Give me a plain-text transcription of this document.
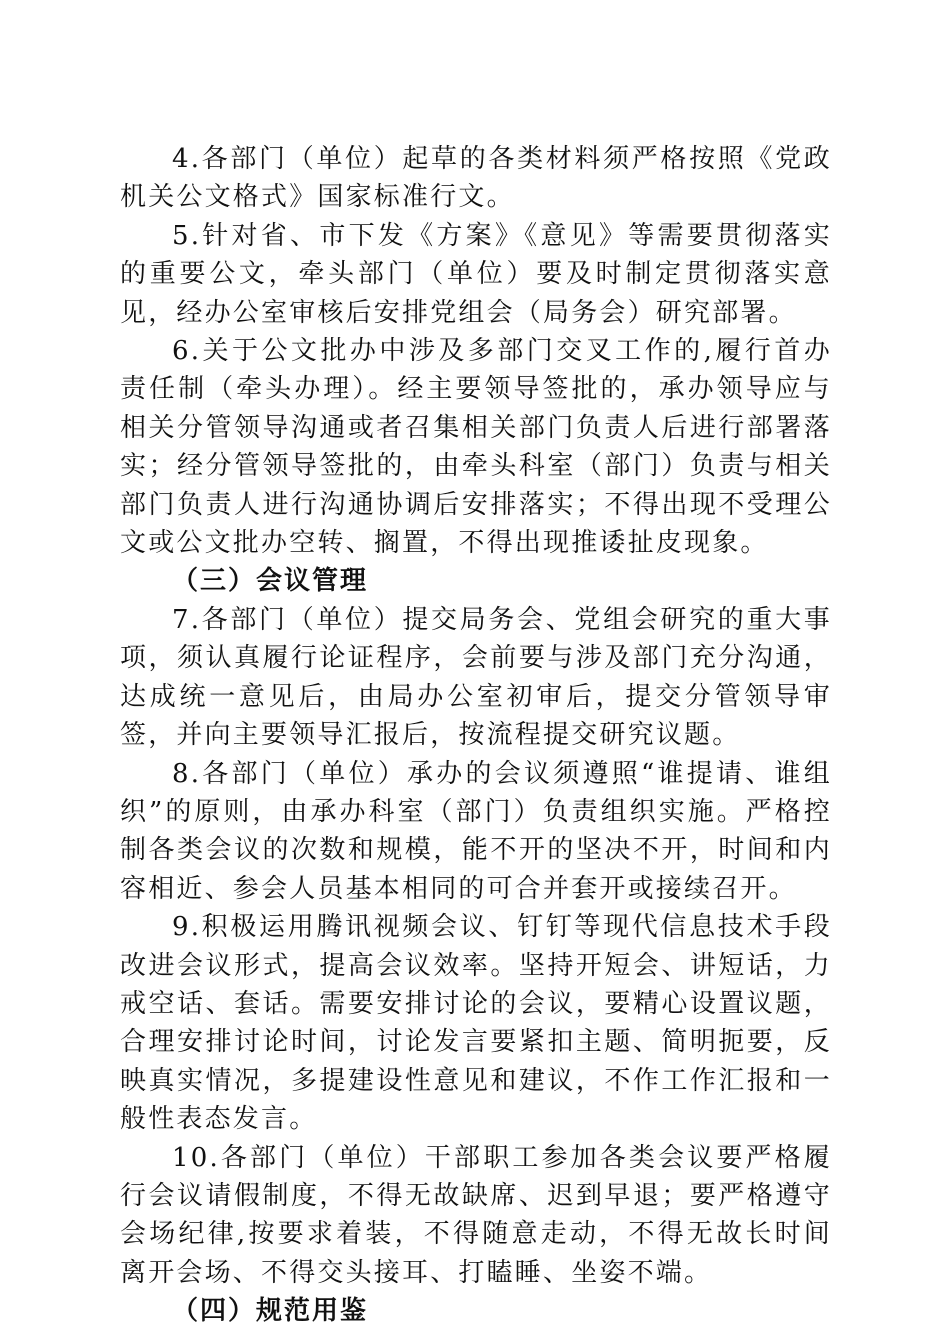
4.各部门（单位）起草的各类材料须严格按照《党政机关公文格式》国家标准行文。

5.针对省、市下发《方案》《意见》等需要贯彻落实的重要公文，牵头部门（单位）要及时制定贯彻落实意见，经办公室审核后安排党组会（局务会）研究部署。

6.关于公文批办中涉及多部门交叉工作的,履行首办责任制（牵头办理）。经主要领导签批的，承办领导应与相关分管领导沟通或者召集相关部门负责人后进行部署落实；经分管领导签批的，由牵头科室（部门）负责与相关部门负责人进行沟通协调后安排落实；不得出现不受理公文或公文批办空转、搁置，不得出现推诿扯皮现象。

（三）会议管理

7.各部门（单位）提交局务会、党组会研究的重大事项，须认真履行论证程序，会前要与涉及部门充分沟通，达成统一意见后，由局办公室初审后，提交分管领导审签，并向主要领导汇报后，按流程提交研究议题。

8.各部门（单位）承办的会议须遵照“谁提请、谁组织”的原则，由承办科室（部门）负责组织实施。严格控制各类会议的次数和规模，能不开的坚决不开，时间和内容相近、参会人员基本相同的可合并套开或接续召开。

9.积极运用腾讯视频会议、钉钉等现代信息技术手段改进会议形式，提高会议效率。坚持开短会、讲短话，力戒空话、套话。需要安排讨论的会议，要精心设置议题，合理安排讨论时间，讨论发言要紧扣主题、简明扼要，反映真实情况，多提建设性意见和建议，不作工作汇报和一般性表态发言。

10.各部门（单位）干部职工参加各类会议要严格履行会议请假制度，不得无故缺席、迟到早退；要严格遵守会场纪律,按要求着装，不得随意走动，不得无故长时间离开会场、不得交头接耳、打瞌睡、坐姿不端。

（四）规范用鉴
